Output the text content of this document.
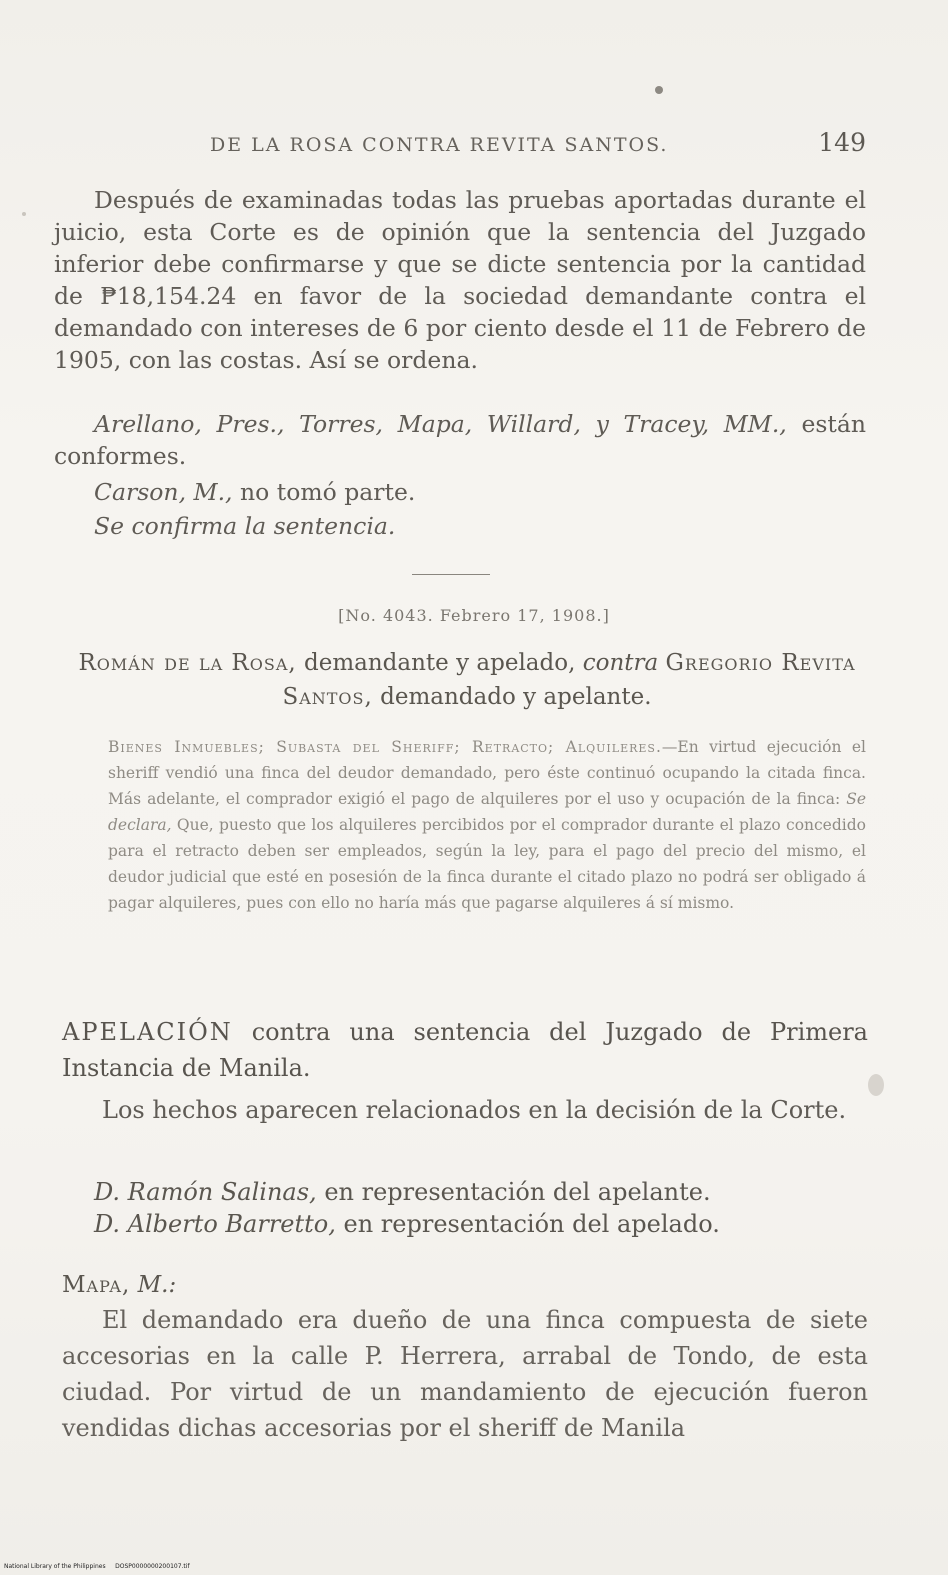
DE LA ROSA CONTRA REVITA SANTOS.	149

Después de examinadas todas las pruebas aportadas durante el juicio, esta Corte es de opinión que la sentencia del Juzgado inferior debe confirmarse y que se dicte sentencia por la cantidad de ₱18,154.24 en favor de la sociedad demandante contra el demandado con intereses de 6 por ciento desde el 11 de Febrero de 1905, con las costas. Así se ordena.

Arellano, Pres., Torres, Mapa, Willard, y Tracey, MM., están conformes.

Carson, M., no tomó parte.

Se confirma la sentencia.

[No. 4043. Febrero 17, 1908.]

Román de la Rosa, demandante y apelado, contra Gregorio Revita Santos, demandado y apelante.

Bienes Inmuebles; Subasta del Sheriff; Retracto; Alquileres.—En virtud ejecución el sheriff vendió una finca del deudor demandado, pero éste continuó ocupando la citada finca. Más adelante, el comprador exigió el pago de alquileres por el uso y ocupación de la finca: Se declara, Que, puesto que los alquileres percibidos por el comprador durante el plazo concedido para el retracto deben ser empleados, según la ley, para el pago del precio del mismo, el deudor judicial que esté en posesión de la finca durante el citado plazo no podrá ser obligado á pagar alquileres, pues con ello no haría más que pagarse alquileres á sí mismo.

APELACIÓN contra una sentencia del Juzgado de Primera Instancia de Manila.

Los hechos aparecen relacionados en la decisión de la Corte.

D. Ramón Salinas, en representación del apelante.

D. Alberto Barretto, en representación del apelado.

Mapa, M.:

El demandado era dueño de una finca compuesta de siete accesorias en la calle P. Herrera, arrabal de Tondo, de esta ciudad. Por virtud de un mandamiento de ejecución fueron vendidas dichas accesorias por el sheriff de Manila

National Library of the Philippines DOSP0000000200107.tif
